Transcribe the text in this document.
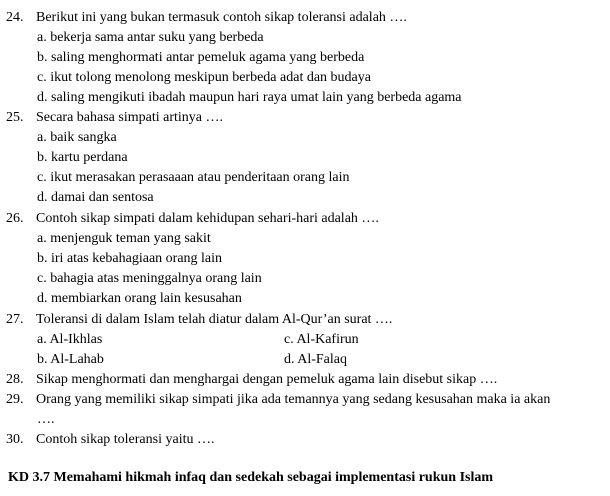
24. Berikut ini yang bukan termasuk contoh sikap toleransi adalah ….
a. bekerja sama antar suku yang berbeda
b. saling menghormati antar pemeluk agama yang berbeda
c. ikut tolong menolong meskipun berbeda adat dan budaya
d. saling mengikuti ibadah maupun hari raya umat lain yang berbeda agama
25. Secara bahasa simpati artinya ….
a. baik sangka
b. kartu perdana
c. ikut merasakan perasaaan atau penderitaan orang lain
d. damai dan sentosa
26. Contoh sikap simpati dalam kehidupan sehari-hari adalah ….
a. menjenguk teman yang sakit
b. iri atas kebahagiaan orang lain
c. bahagia atas meninggalnya orang lain
d. membiarkan orang lain kesusahan
27. Toleransi di dalam Islam telah diatur dalam Al-Qur’an surat ….
a. Al-Ikhlas	c. Al-Kafirun
b. Al-Lahab	d. Al-Falaq
28. Sikap menghormati dan menghargai dengan pemeluk agama lain disebut sikap ….
29. Orang yang memiliki sikap simpati jika ada temannya yang sedang kesusahan maka ia akan
….
30. Contoh sikap toleransi yaitu ….
KD 3.7 Memahami hikmah infaq dan sedekah sebagai implementasi rukun Islam
